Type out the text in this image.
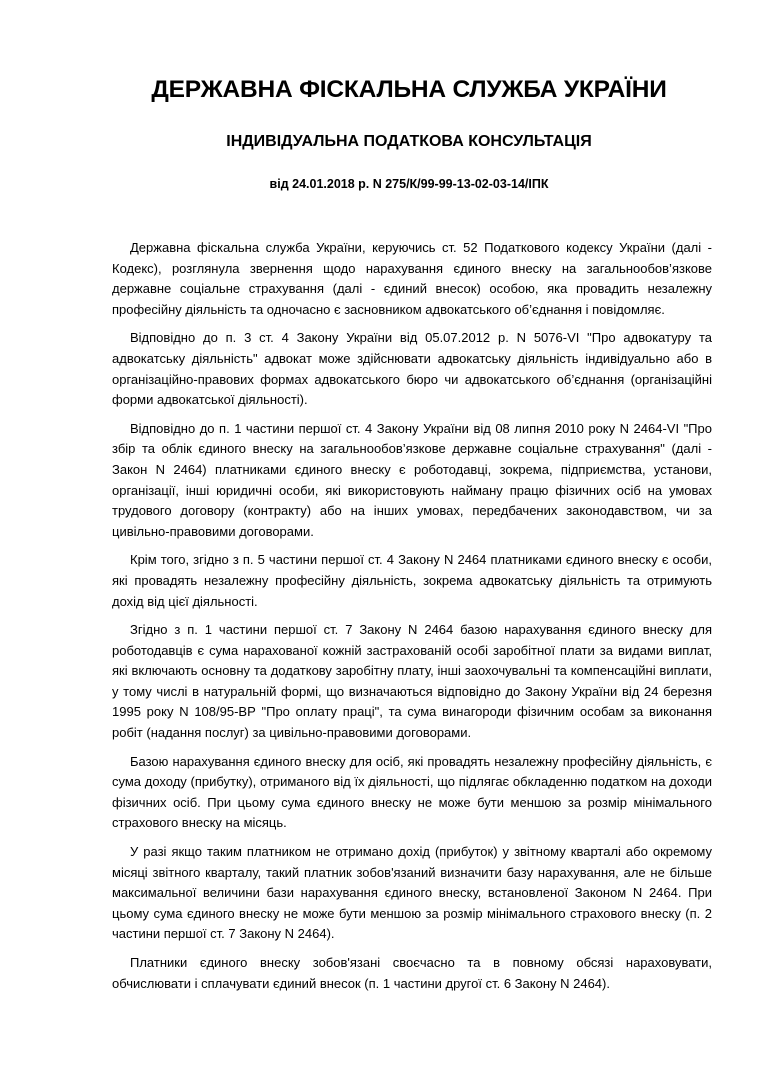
ДЕРЖАВНА ФІСКАЛЬНА СЛУЖБА УКРАЇНИ
ІНДИВІДУАЛЬНА ПОДАТКОВА КОНСУЛЬТАЦІЯ

від 24.01.2018 р. N 275/К/99-99-13-02-03-14/ІПК

Державна фіскальна служба України, керуючись ст. 52 Податкового кодексу України (далі - Кодекс), розглянула звернення щодо нарахування єдиного внеску на загальнообов’язкове державне соціальне страхування (далі - єдиний внесок) особою, яка провадить незалежну професійну діяльність та одночасно є засновником адвокатського об’єднання і повідомляє.

Відповідно до п. 3 ст. 4 Закону України від 05.07.2012 р. N 5076-VI "Про адвокатуру та адвокатську діяльність" адвокат може здійснювати адвокатську діяльність індивідуально або в організаційно-правових формах адвокатського бюро чи адвокатського об’єднання (організаційні форми адвокатської діяльності).

Відповідно до п. 1 частини першої ст. 4 Закону України від 08 липня 2010 року N 2464-VI "Про збір та облік єдиного внеску на загальнообов’язкове державне соціальне страхування" (далі - Закон N 2464) платниками єдиного внеску є роботодавці, зокрема, підприємства, установи, організації, інші юридичні особи, які використовують найману працю фізичних осіб на умовах трудового договору (контракту) або на інших умовах, передбачених законодавством, чи за цивільно-правовими договорами.

Крім того, згідно з п. 5 частини першої ст. 4 Закону N 2464 платниками єдиного внеску є особи, які провадять незалежну професійну діяльність, зокрема адвокатську діяльність та отримують дохід від цієї діяльності.

Згідно з п. 1 частини першої ст. 7 Закону N 2464 базою нарахування єдиного внеску для роботодавців є сума нарахованої кожній застрахованій особі заробітної плати за видами виплат, які включають основну та додаткову заробітну плату, інші заохочувальні та компенсаційні виплати, у тому числі в натуральній формі, що визначаються відповідно до Закону України від 24 березня 1995 року N 108/95-ВР "Про оплату праці", та сума винагороди фізичним особам за виконання робіт (надання послуг) за цивільно-правовими договорами.

Базою нарахування єдиного внеску для осіб, які провадять незалежну професійну діяльність, є сума доходу (прибутку), отриманого від їх діяльності, що підлягає обкладенню податком на доходи фізичних осіб. При цьому сума єдиного внеску не може бути меншою за розмір мінімального страхового внеску на місяць.

У разі якщо таким платником не отримано дохід (прибуток) у звітному кварталі або окремому місяці звітного кварталу, такий платник зобов'язаний визначити базу нарахування, але не більше максимальної величини бази нарахування єдиного внеску, встановленої Законом N 2464. При цьому сума єдиного внеску не може бути меншою за розмір мінімального страхового внеску (п. 2 частини першої ст. 7 Закону N 2464).

Платники єдиного внеску зобов'язані своєчасно та в повному обсязі нараховувати, обчислювати і сплачувати єдиний внесок (п. 1 частини другої ст. 6 Закону N 2464).
